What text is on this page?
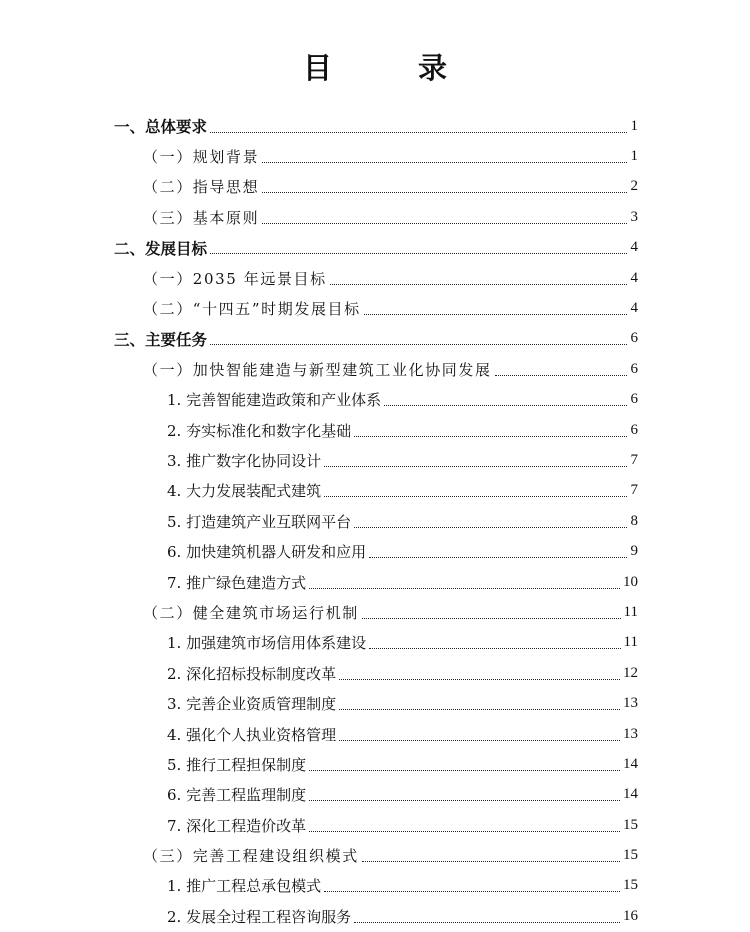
目 录
一、总体要求	1
（一）规划背景	1
（二）指导思想	2
（三）基本原则	3
二、发展目标	4
（一）2035 年远景目标	4
（二）“十四五”时期发展目标	4
三、主要任务	6
（一）加快智能建造与新型建筑工业化协同发展	6
1. 完善智能建造政策和产业体系	6
2. 夯实标准化和数字化基础	6
3. 推广数字化协同设计	7
4. 大力发展装配式建筑	7
5. 打造建筑产业互联网平台	8
6. 加快建筑机器人研发和应用	9
7. 推广绿色建造方式	10
（二）健全建筑市场运行机制	11
1. 加强建筑市场信用体系建设	11
2. 深化招标投标制度改革	12
3. 完善企业资质管理制度	13
4. 强化个人执业资格管理	13
5. 推行工程担保制度	14
6. 完善工程监理制度	14
7. 深化工程造价改革	15
（三）完善工程建设组织模式	15
1. 推广工程总承包模式	15
2. 发展全过程工程咨询服务	16
